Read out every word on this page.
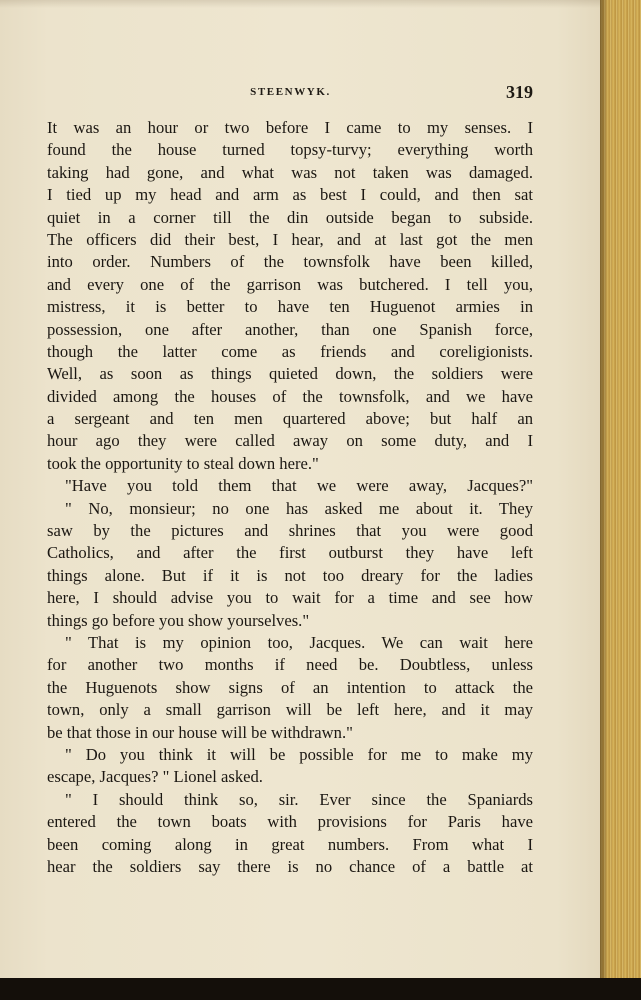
STEENWYK.	319
It was an hour or two before I came to my senses. I
found the house turned topsy-turvy; everything worth
taking had gone, and what was not taken was damaged.
I tied up my head and arm as best I could, and then sat
quiet in a corner till the din outside began to subside.
The officers did their best, I hear, and at last got the men
into order. Numbers of the townsfolk have been killed,
and every one of the garrison was butchered. I tell you,
mistress, it is better to have ten Huguenot armies in
possession, one after another, than one Spanish force,
though the latter come as friends and coreligionists.
Well, as soon as things quieted down, the soldiers were
divided among the houses of the townsfolk, and we have
a sergeant and ten men quartered above; but half an
hour ago they were called away on some duty, and I
took the opportunity to steal down here."
"Have you told them that we were away, Jacques?"
" No, monsieur; no one has asked me about it. They
saw by the pictures and shrines that you were good
Catholics, and after the first outburst they have left
things alone. But if it is not too dreary for the ladies
here, I should advise you to wait for a time and see how
things go before you show yourselves."
" That is my opinion too, Jacques. We can wait here
for another two months if need be. Doubtless, unless
the Huguenots show signs of an intention to attack the
town, only a small garrison will be left here, and it may
be that those in our house will be withdrawn."
" Do you think it will be possible for me to make my
escape, Jacques? " Lionel asked.
" I should think so, sir. Ever since the Spaniards
entered the town boats with provisions for Paris have
been coming along in great numbers. From what I
hear the soldiers say there is no chance of a battle at
